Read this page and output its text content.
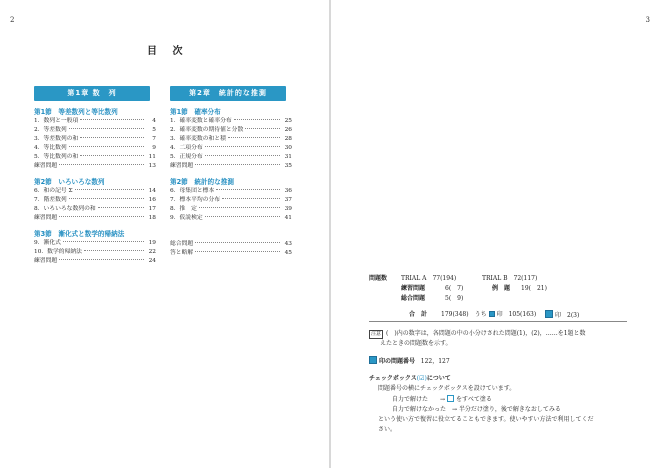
2	3
目 次
第1章 数　列
第1節　等差数列と等比数列
1．数列と一般項	4
2．等差数列	5
3．等差数列の和	7
4．等比数列	9
5．等比数列の和	11
練習問題	13
第2節　いろいろな数列
6．和の記号 Σ	14
7．階差数列	16
8．いろいろな数列の和	17
練習問題	18
第3節　漸化式と数学的帰納法
9．漸化式	19
10．数学的帰納法	22
練習問題	24
第2章　統計的な推測
第1節　確率分布
1．確率変数と確率分布	25
2．確率変数の期待値と分散	26
3．確率変数の和と積	28
4．二項分布	30
5．正規分布	31
練習問題	35
第2節　統計的な推測
6．母集団と標本	36
7．標本平均の分布	37
8．推　定	39
9．仮説検定	41
総合問題	43
答と略解	45
問題数 TRIAL A　77(194)	TRIAL B　72(117)
練習問題	6(　7)	例　題 19(　21)
総合問題	5(　9)
合　計 179(348)　うち 印　105(163)	印　2(3)
注意 (　)内の数字は，各問題の中の小分けされた問題(1)，(2)，……を1題と数
えたときの問題数を示す。
印の問題番号 122，127
チェックボックス(☑)について
問題番号の横にチェックボックスを設けています。
自力で解けた　　→ をすべて塗る
自力で解けなかった　→ 半分だけ塗り，後で解きなおしてみる
という使い方で復習に役立てることもできます。使いやすい方法で利用してくだ
さい。
